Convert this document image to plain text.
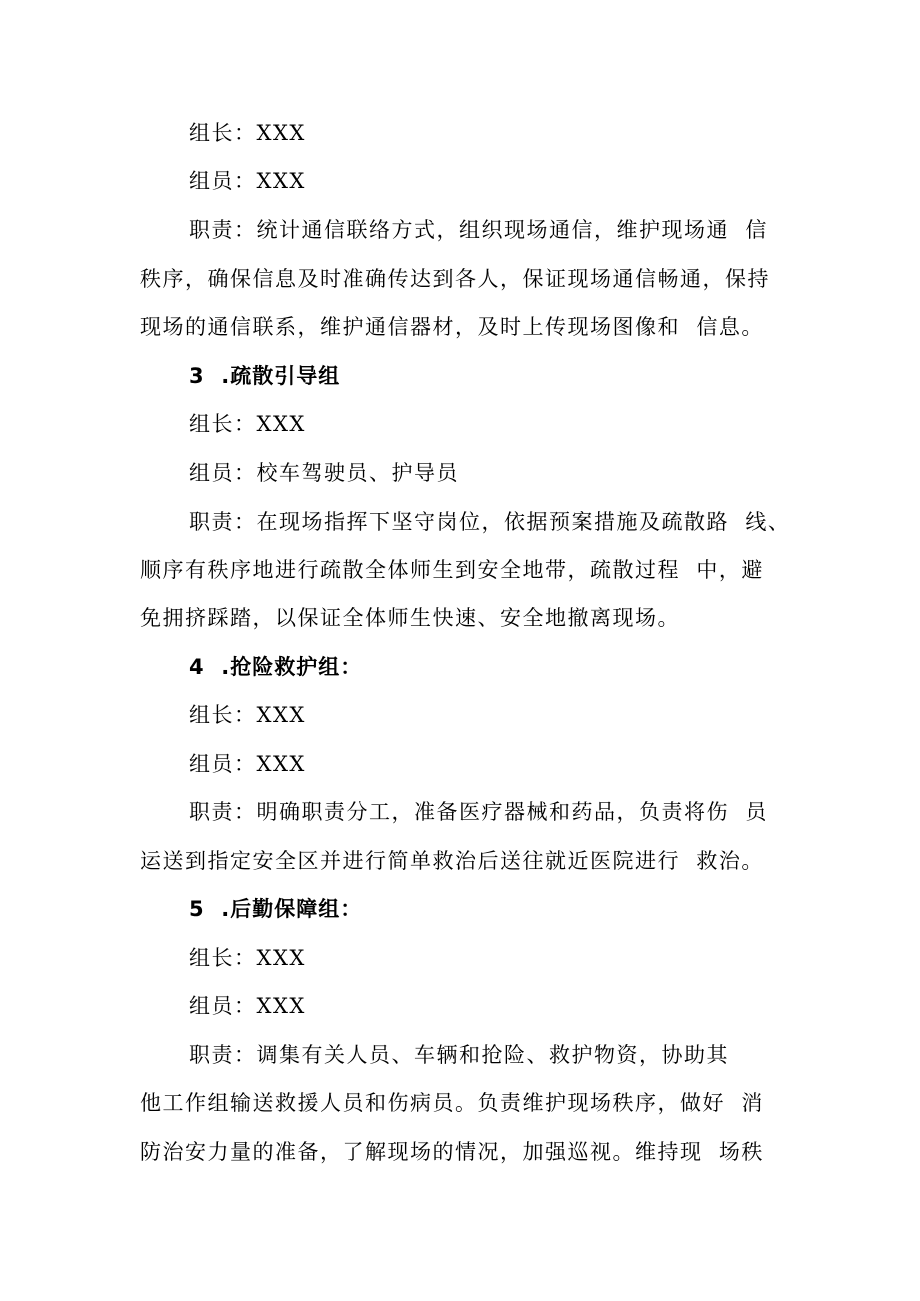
组长：XXX
组员：XXX
职责：统计通信联络方式，组织现场通信，维护现场通  信
秩序，确保信息及时准确传达到各人，保证现场通信畅通，保持
现场的通信联系，维护通信器材，及时上传现场图像和  信息。
3  .疏散引导组
组长：XXX
组员：校车驾驶员、护导员
职责：在现场指挥下坚守岗位，依据预案措施及疏散路  线、
顺序有秩序地进行疏散全体师生到安全地带，疏散过程  中，避
免拥挤踩踏，以保证全体师生快速、安全地撤离现场。
4  .抢险救护组：
组长：XXX
组员：XXX
职责：明确职责分工，准备医疗器械和药品，负责将伤  员
运送到指定安全区并进行简单救治后送往就近医院进行  救治。
5  .后勤保障组：
组长：XXX
组员：XXX
职责：调集有关人员、车辆和抢险、救护物资，协助其
他工作组输送救援人员和伤病员。负责维护现场秩序，做好  消
防治安力量的准备，了解现场的情况，加强巡视。维持现  场秩
